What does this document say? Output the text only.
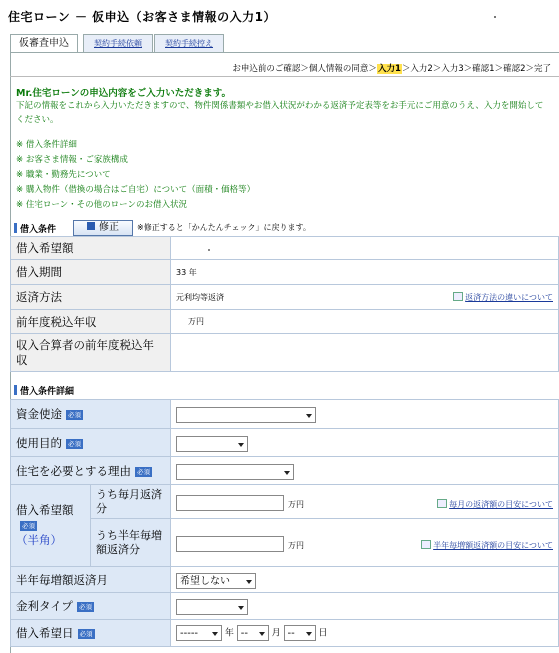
住宅ローン － 仮申込（お客さま情報の入力1）
仮審査申込	契約手続依頼	契約手続控え
お申込前のご確認＞個人情報の同意＞入力1＞入力2＞入力3＞確認1＞確認2＞完了
Mr.住宅ローンの申込内容をご入力いただきます。
下記の情報をこれから入力いただきますので、物件関係書類やお借入状況がわかる返済予定表等をお手元にご用意のうえ、入力を開始してください。
※ 借入条件詳細
※ お客さま情報・ご家族構成
※ 職業・勤務先について
※ 購入物件（借換の場合はご自宅）について（面積・価格等）
※ 住宅ローン・その他のローンのお借入状況
借入条件	修正	※修正すると「かんたんチェック」に戻ります。
借入希望額	
借入期間	33 年
返済方法	元利均等返済 返済方法の違いについて

前年度税込年収	万円
収入合算者の前年度税込年収	
借入条件詳細
資金使途 必須		

使用目的 必須		

住宅を必要とする理由 必須		

借入希望額必須
（半角）	うち毎月返済分	万円 毎月の返済額の目安について

	うち半年毎増額返済分	万円 半年毎増額返済額の目安について

半年毎増額返済月		希望しない

金利タイプ 必須		

借入希望日 必須		----- 年 -- 月 -- 日
